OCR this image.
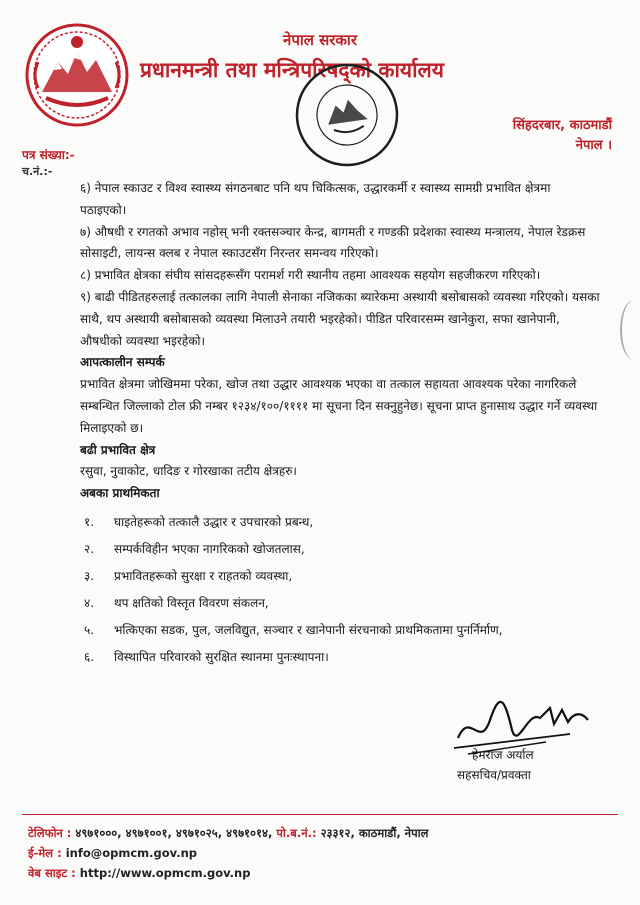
नेपाल सरकार
प्रधानमन्त्री तथा मन्त्रिपरिषद्को कार्यालय
सिंहदरबार, काठमाडौं
नेपाल ।
पत्र संख्या:-
च.नं.:-

६) नेपाल स्काउट र विश्व स्वास्थ्य संगठनबाट पनि थप चिकित्सक, उद्धारकर्मी र स्वास्थ्य सामग्री प्रभावित क्षेत्रमा पठाइएको।

७) औषधी र रगतको अभाव नहोस् भनी रक्तसञ्चार केन्द्र, बागमती र गण्डकी प्रदेशका स्वास्थ्य मन्त्रालय, नेपाल रेडक्रस सोसाइटी, लायन्स क्लब र नेपाल स्काउटसँग निरन्तर समन्वय गरिएको।

८) प्रभावित क्षेत्रका संघीय सांसदहरूसँग परामर्श गरी स्थानीय तहमा आवश्यक सहयोग सहजीकरण गरिएको।

९) बाढी पीडितहरुलाई तत्कालका लागि नेपाली सेनाका नजिकका ब्यारेकमा अस्थायी बसोबासको व्यवस्था गरिएको। यसका साथै, थप अस्थायी बसोबासको व्यवस्था मिलाउने तयारी भइरहेको। पीडित परिवारसम्म खानेकुरा, सफा खानेपानी, औषधीको व्यवस्था भइरहेको।

आपत्कालीन सम्पर्क

प्रभावित क्षेत्रमा जोखिममा परेका, खोज तथा उद्धार आवश्यक भएका वा तत्काल सहायता आवश्यक परेका नागरिकले सम्बन्धित जिल्लाको टोल फ्री नम्बर १२३४/१००/११११ मा सूचना दिन सक्नुहुनेछ। सूचना प्राप्त हुनासाथ उद्धार गर्ने व्यवस्था मिलाइएको छ।

बढी प्रभावित क्षेत्र

रसुवा, नुवाकोट, धादिङ र गोरखाका तटीय क्षेत्रहरु।

अबका प्राथमिकता

१.	घाइतेहरूको तत्कालै उद्धार र उपचारको प्रबन्ध,
२.	सम्पर्कविहीन भएका नागरिकको खोजतलास,
३.	प्रभावितहरूको सुरक्षा र राहतको व्यवस्था,
४.	थप क्षतिको विस्तृत विवरण संकलन,
५.	भत्किएका सडक, पुल, जलविद्युत, सञ्चार र खानेपानी संरचनाको प्राथमिकतामा पुनर्निर्माण,
६.	विस्थापित परिवारको सुरक्षित स्थानमा पुनःस्थापना।
हेमराज अर्याल
सहसचिव/प्रवक्ता
टेलिफोन : ४९७१०००, ४९७१००१, ४९७१०२५, ४९७१०१४, पो.ब.नं.: २३३१२, काठमाडौं, नेपाल
ई-मेल : info@opmcm.gov.np
वेब साइट : http://www.opmcm.gov.np
